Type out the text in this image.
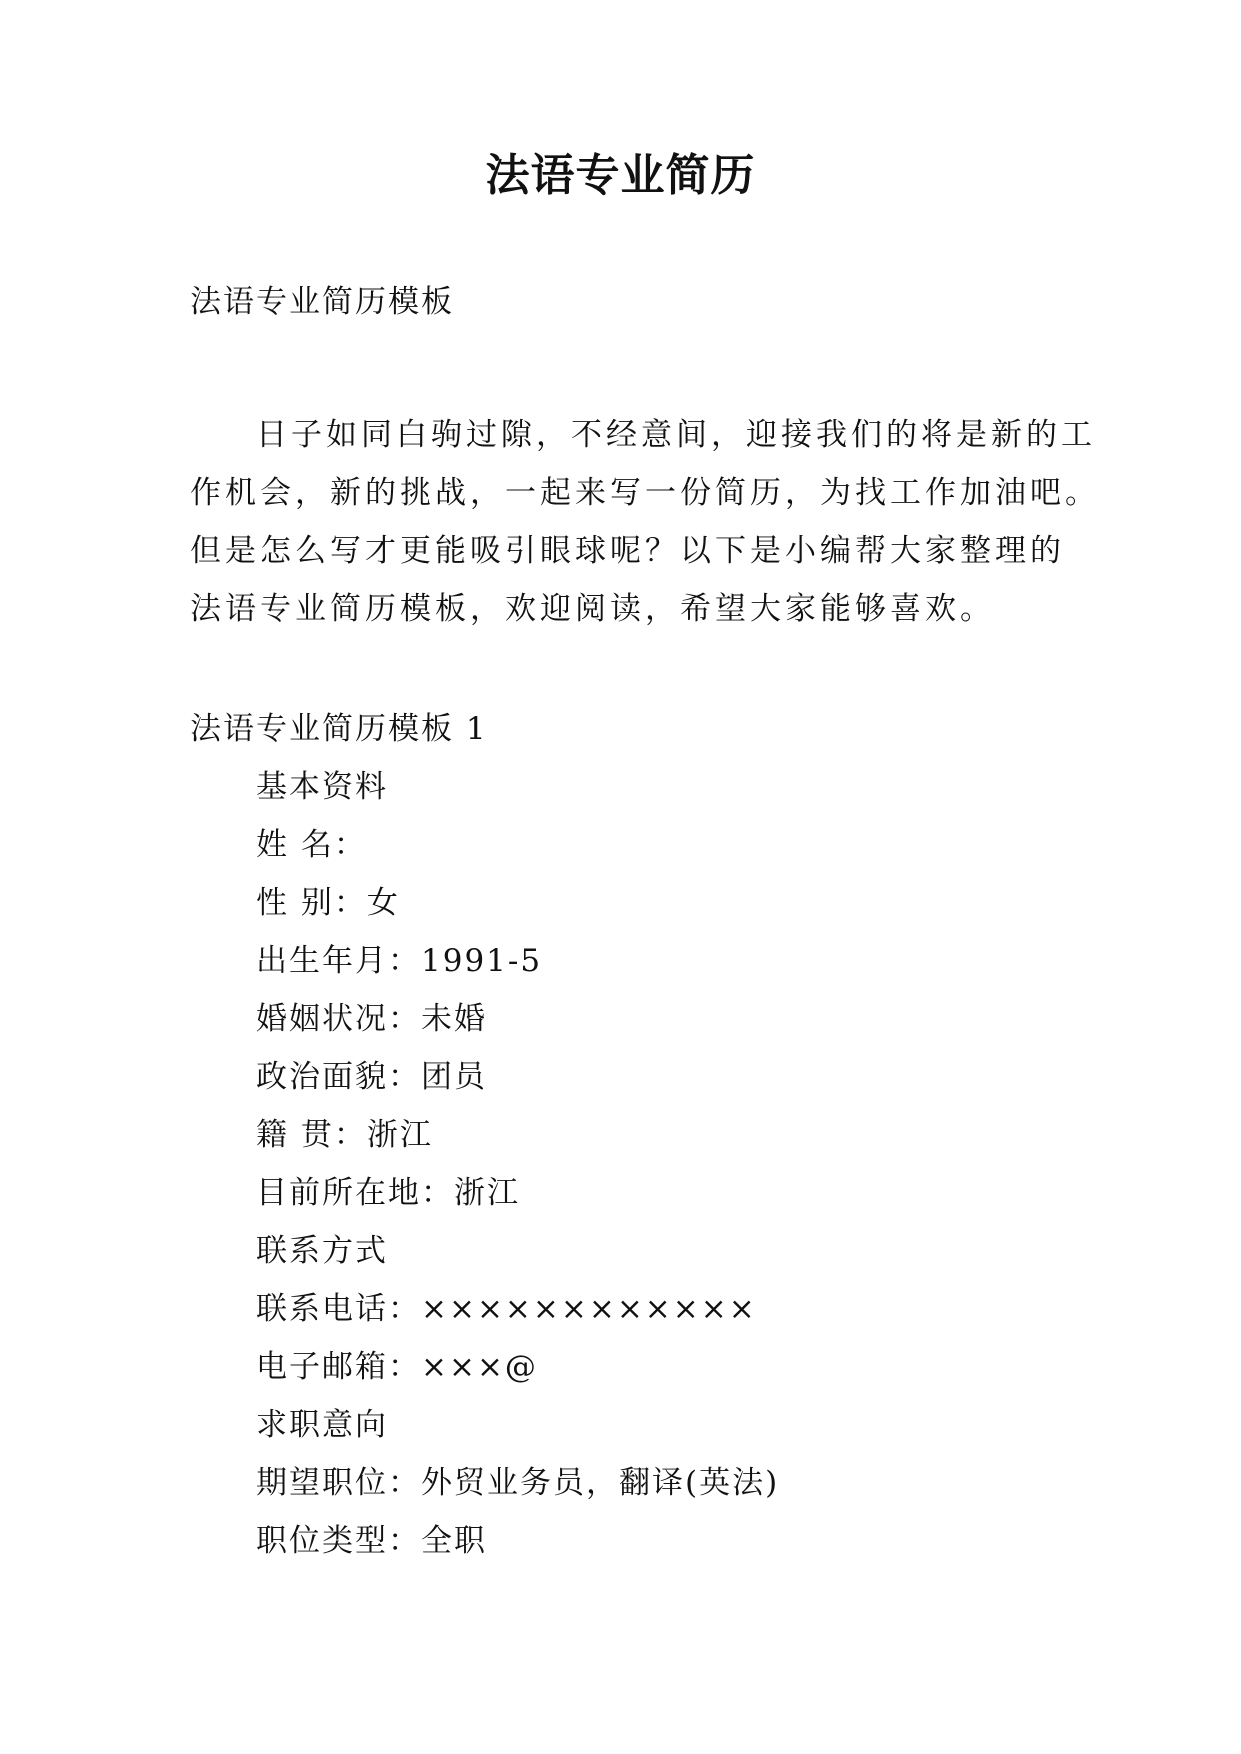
法语专业简历
法语专业简历模板
日子如同白驹过隙，不经意间，迎接我们的将是新的工
作机会，新的挑战，一起来写一份简历，为找工作加油吧。
但是怎么写才更能吸引眼球呢？以下是小编帮大家整理的
法语专业简历模板，欢迎阅读，希望大家能够喜欢。
法语专业简历模板 1
基本资料
姓 名：
性 别：女
出生年月：1991-5
婚姻状况：未婚
政治面貌：团员
籍 贯：浙江
目前所在地：浙江
联系方式
联系电话：××××××××××××
电子邮箱：×××@
求职意向
期望职位：外贸业务员，翻译(英法)
职位类型：全职
